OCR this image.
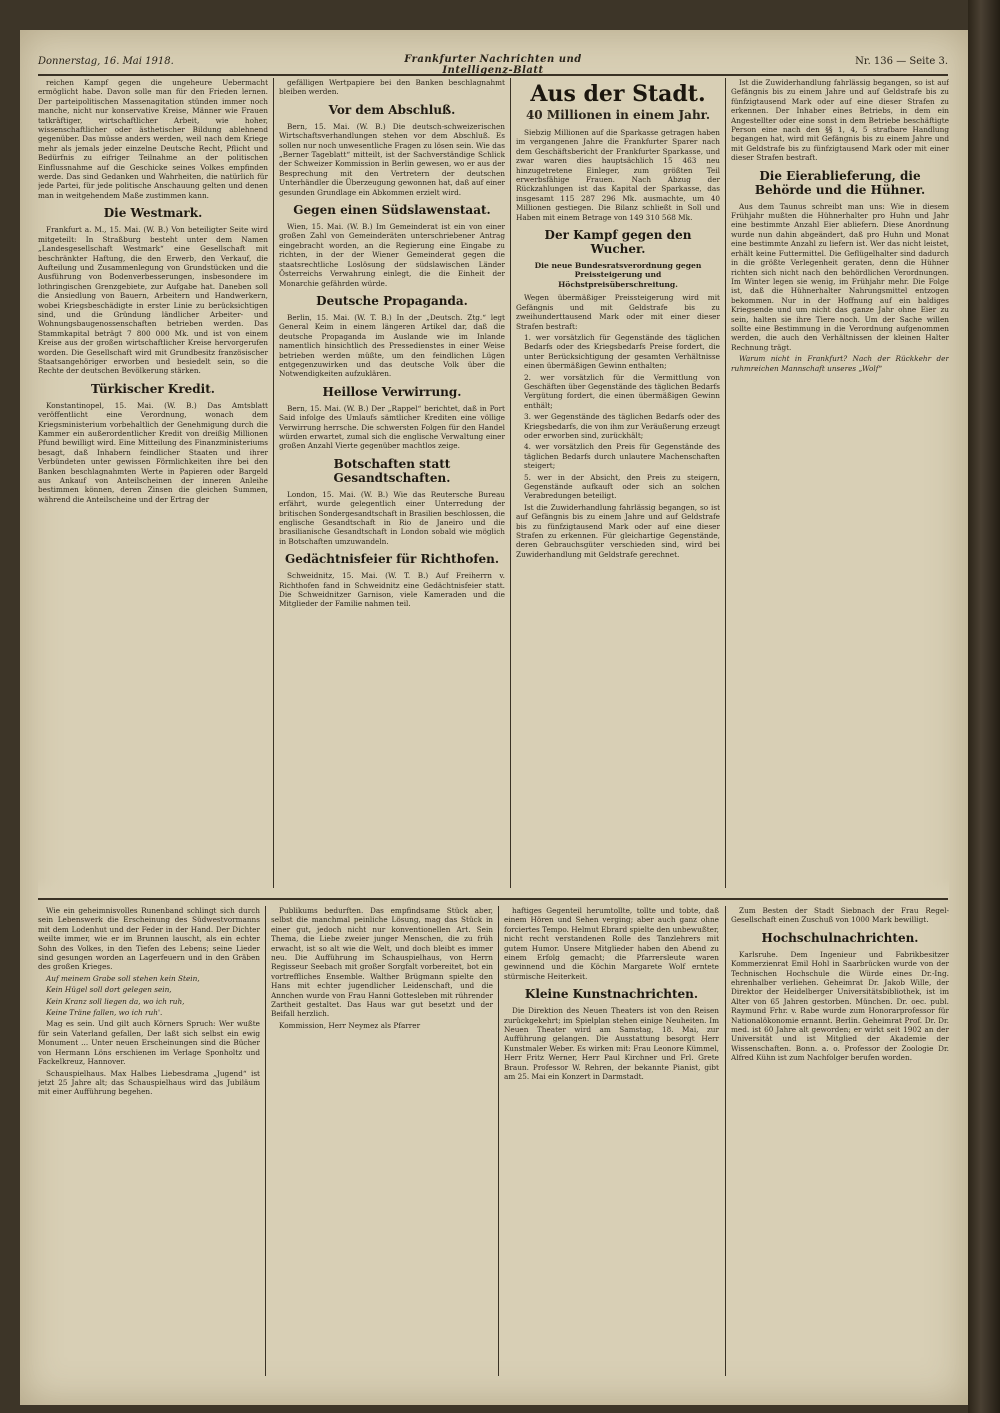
Donnerstag, 16. Mai 1918.	Frankfurter Nachrichten und Intelligenz-Blatt
Nr. 136 — Seite 3.

reichen Kampf gegen die ungeheure Uebermacht ermöglicht habe. Davon solle man für den Frieden lernen. Der parteipolitischen Massenagitation stünden immer noch manche, nicht nur konservative Kreise, Männer wie Frauen tatkräftiger, wirtschaftlicher Arbeit, wie hoher, wissenschaftlicher oder ästhetischer Bildung ablehnend gegenüber. Das müsse anders werden, weil nach dem Kriege mehr als jemals jeder einzelne Deutsche Recht, Pflicht und Bedürfnis zu eifriger Teilnahme an der politischen Einflussnahme auf die Geschicke seines Volkes empfinden werde. Das sind Gedanken und Wahrheiten, die natürlich für jede Partei, für jede politische Anschauung gelten und denen man in weitgehendem Maße zustimmen kann.

Die Westmark.

Frankfurt a. M., 15. Mai. (W. B.) Von beteiligter Seite wird mitgeteilt: In Straßburg besteht unter dem Namen „Landesgesellschaft Westmark“ eine Gesellschaft mit beschränkter Haftung, die den Erwerb, den Verkauf, die Aufteilung und Zusammenlegung von Grundstücken und die Ausführung von Bodenverbesserungen, insbesondere im lothringischen Grenzgebiete, zur Aufgabe hat. Daneben soll die Ansiedlung von Bauern, Arbeitern und Handwerkern, wobei Kriegsbeschädigte in erster Linie zu berücksichtigen sind, und die Gründung ländlicher Arbeiter- und Wohnungsbaugenossenschaften betrieben werden. Das Stammkapital beträgt 7 800 000 Mk. und ist von einem Kreise aus der großen wirtschaftlicher Kreise hervorgerufen worden. Die Gesellschaft wird mit Grundbesitz französischer Staatsangehöriger erworben und besiedelt sein, so die Rechte der deutschen Bevölkerung stärken.

Türkischer Kredit.

Konstantinopel, 15. Mai. (W. B.) Das Amtsblatt veröffentlicht eine Verordnung, wonach dem Kriegsministerium vorbehaltlich der Genehmigung durch die Kammer ein außerordentlicher Kredit von dreißig Millionen Pfund bewilligt wird. Eine Mitteilung des Finanzministeriums besagt, daß Inhabern feindlicher Staaten und ihrer Verbündeten unter gewissen Förmlichkeiten ihre bei den Banken beschlagnahmten Werte in Papieren oder Bargeld aus Ankauf von Anteilscheinen der inneren Anleihe bestimmen können, deren Zinsen die gleichen Summen, während die Anteilscheine und der Ertrag der

gefälligen Wertpapiere bei den Banken beschlagnahmt bleiben werden.

Vor dem Abschluß.

Bern, 15. Mai. (W. B.) Die deutsch-schweizerischen Wirtschaftsverhandlungen stehen vor dem Abschluß. Es sollen nur noch unwesentliche Fragen zu lösen sein. Wie das „Berner Tageblatt“ mitteilt, ist der Sachverständige Schlick der Schweizer Kommission in Berlin gewesen, wo er aus der Besprechung mit den Vertretern der deutschen Unterhändler die Überzeugung gewonnen hat, daß auf einer gesunden Grundlage ein Abkommen erzielt wird.

Gegen einen Südslawenstaat.

Wien, 15. Mai. (W. B.) Im Gemeinderat ist ein von einer großen Zahl von Gemeinderäten unterschriebener Antrag eingebracht worden, an die Regierung eine Eingabe zu richten, in der der Wiener Gemeinderat gegen die staatsrechtliche Loslösung der südslawischen Länder Österreichs Verwahrung einlegt, die die Einheit der Monarchie gefährden würde.

Deutsche Propaganda.

Berlin, 15. Mai. (W. T. B.) In der „Deutsch. Ztg.“ legt General Keim in einem längeren Artikel dar, daß die deutsche Propaganda im Auslande wie im Inlande namentlich hinsichtlich des Pressedienstes in einer Weise betrieben werden müßte, um den feindlichen Lügen entgegenzuwirken und das deutsche Volk über die Notwendigkeiten aufzuklären.

Heillose Verwirrung.

Bern, 15. Mai. (W. B.) Der „Rappel“ berichtet, daß in Port Said infolge des Umlaufs sämtlicher Krediten eine völlige Verwirrung herrsche. Die schwersten Folgen für den Handel würden erwartet, zumal sich die englische Verwaltung einer großen Anzahl Vierte gegenüber machtlos zeige.

Botschaften statt Gesandtschaften.

London, 15. Mai. (W. B.) Wie das Reutersche Bureau erfährt, wurde gelegentlich einer Unterredung der britischen Sondergesandtschaft in Brasilien beschlossen, die englische Gesandtschaft in Rio de Janeiro und die brasilianische Gesandtschaft in London sobald wie möglich in Botschaften umzuwandeln.

Gedächtnisfeier für Richthofen.

Schweidnitz, 15. Mai. (W. T. B.) Auf Freiherrn v. Richthofen fand in Schweidnitz eine Gedächtnisfeier statt. Die Schweidnitzer Garnison, viele Kameraden und die Mitglieder der Familie nahmen teil.

Aus der Stadt.
40 Millionen in einem Jahr.

Siebzig Millionen auf die Sparkasse getragen haben im vergangenen Jahre die Frankfurter Sparer nach dem Geschäftsbericht der Frankfurter Sparkasse, und zwar waren dies hauptsächlich 15 463 neu hinzugetretene Einleger, zum größten Teil erwerbsfähige Frauen. Nach Abzug der Rückzahlungen ist das Kapital der Sparkasse, das insgesamt 115 287 296 Mk. ausmachte, um 40 Millionen gestiegen. Die Bilanz schließt in Soll und Haben mit einem Betrage von 149 310 568 Mk.

Der Kampf gegen den Wucher.

Die neue Bundesratsverordnung gegen Preissteigerung und Höchstpreisüberschreitung.

Wegen übermäßiger Preissteigerung wird mit Gefängnis und mit Geldstrafe bis zu zweihunderttausend Mark oder mit einer dieser Strafen bestraft:

1. wer vorsätzlich für Gegenstände des täglichen Bedarfs oder des Kriegsbedarfs Preise fordert, die unter Berücksichtigung der gesamten Verhältnisse einen übermäßigen Gewinn enthalten;

2. wer vorsätzlich für die Vermittlung von Geschäften über Gegenstände des täglichen Bedarfs Vergütung fordert, die einen übermäßigen Gewinn enthält;

3. wer Gegenstände des täglichen Bedarfs oder des Kriegsbedarfs, die von ihm zur Veräußerung erzeugt oder erworben sind, zurückhält;

4. wer vorsätzlich den Preis für Gegenstände des täglichen Bedarfs durch unlautere Machenschaften steigert;

5. wer in der Absicht, den Preis zu steigern, Gegenstände aufkauft oder sich an solchen Verabredungen beteiligt.

Ist die Zuwiderhandlung fahrlässig begangen, so ist auf Gefängnis bis zu einem Jahre und auf Geldstrafe bis zu fünfzigtausend Mark oder auf eine dieser Strafen zu erkennen. Für gleichartige Gegenstände, deren Gebrauchsgüter verschieden sind, wird bei Zuwiderhandlung mit Geldstrafe gerechnet.

Ist die Zuwiderhandlung fahrlässig begangen, so ist auf Gefängnis bis zu einem Jahre und auf Geldstrafe bis zu fünfzigtausend Mark oder auf eine dieser Strafen zu erkennen. Der Inhaber eines Betriebs, in dem ein Angestellter oder eine sonst in dem Betriebe beschäftigte Person eine nach den §§ 1, 4, 5 strafbare Handlung begangen hat, wird mit Gefängnis bis zu einem Jahre und mit Geldstrafe bis zu fünfzigtausend Mark oder mit einer dieser Strafen bestraft.

Die Eierablieferung, die Behörde und die Hühner.

Aus dem Taunus schreibt man uns: Wie in diesem Frühjahr mußten die Hühnerhalter pro Huhn und Jahr eine bestimmte Anzahl Eier abliefern. Diese Anordnung wurde nun dahin abgeändert, daß pro Huhn und Monat eine bestimmte Anzahl zu liefern ist. Wer das nicht leistet, erhält keine Futtermittel. Die Geflügelhalter sind dadurch in die größte Verlegenheit geraten, denn die Hühner richten sich nicht nach den behördlichen Verordnungen. Im Winter legen sie wenig, im Frühjahr mehr. Die Folge ist, daß die Hühnerhalter Nahrungsmittel entzogen bekommen. Nur in der Hoffnung auf ein baldiges Kriegsende und um nicht das ganze Jahr ohne Eier zu sein, halten sie ihre Tiere noch. Um der Sache willen sollte eine Bestimmung in die Verordnung aufgenommen werden, die auch den Verhältnissen der kleinen Halter Rechnung trägt.

Warum nicht in Frankfurt? Nach der Rückkehr der ruhmreichen Mannschaft unseres „Wolf“

Wie ein geheimnisvolles Runenband schlingt sich durch sein Lebenswerk die Erscheinung des Südwestvormanns mit dem Lodenhut und der Feder in der Hand. Der Dichter weilte immer, wie er im Brunnen lauscht, als ein echter Sohn des Volkes, in den Tiefen des Lebens; seine Lieder sind gesungen worden an Lagerfeuern und in den Gräben des großen Krieges.

Auf meinem Grabe soll stehen kein Stein,

Kein Hügel soll dort gelegen sein,

Kein Kranz soll liegen da, wo ich ruh,

Keine Träne fallen, wo ich ruh'.

Mag es sein. Und gilt auch Körners Spruch: Wer wußte für sein Vaterland gefallen, Der laßt sich selbst ein ewig Monument ... Unter neuen Erscheinungen sind die Bücher von Hermann Löns erschienen im Verlage Sponholtz und Fackelkreuz, Hannover.

Schauspielhaus. Max Halbes Liebesdrama „Jugend“ ist jetzt 25 Jahre alt; das Schauspielhaus wird das Jubiläum mit einer Aufführung begehen.

Publikums bedurften. Das empfindsame Stück aber, selbst die manchmal peinliche Lösung, mag das Stück in einer gut, jedoch nicht nur konventionellen Art. Sein Thema, die Liebe zweier junger Menschen, die zu früh erwacht, ist so alt wie die Welt, und doch bleibt es immer neu. Die Aufführung im Schauspielhaus, von Herrn Regisseur Seebach mit großer Sorgfalt vorbereitet, bot ein vortreffliches Ensemble. Walther Brügmann spielte den Hans mit echter jugendlicher Leidenschaft, und die Annchen wurde von Frau Hanni Gottesleben mit rührender Zartheit gestaltet. Das Haus war gut besetzt und der Beifall herzlich.

Kommission, Herr Neymez als Pfarrer

haftiges Gegenteil herumtollte, tollte und tobte, daß einem Hören und Sehen verging; aber auch ganz ohne forciertes Tempo. Helmut Ebrard spielte den unbewußter, nicht recht verstandenen Rolle des Tanzlehrers mit gutem Humor. Unsere Mitglieder haben den Abend zu einem Erfolg gemacht; die Pfarrersleute waren gewinnend und die Köchin Margarete Wolf erntete stürmische Heiterkeit.

Kleine Kunstnachrichten.

Die Direktion des Neuen Theaters ist von den Reisen zurückgekehrt; im Spielplan stehen einige Neuheiten. Im Neuen Theater wird am Samstag, 18. Mai, zur Aufführung gelangen. Die Ausstattung besorgt Herr Kunstmaler Weber. Es wirken mit: Frau Leonore Kümmel, Herr Fritz Werner, Herr Paul Kirchner und Frl. Grete Braun. Professor W. Rehren, der bekannte Pianist, gibt am 25. Mai ein Konzert in Darmstadt.

Zum Besten der Stadt Siebnach der Frau Regel-Gesellschaft einen Zuschuß von 1000 Mark bewilligt.

Hochschulnachrichten.

Karlsruhe. Dem Ingenieur und Fabrikbesitzer Kommerzienrat Emil Hohl in Saarbrücken wurde von der Technischen Hochschule die Würde eines Dr.-Ing. ehrenhalber verliehen. Geheimrat Dr. Jakob Wille, der Direktor der Heidelberger Universitätsbibliothek, ist im Alter von 65 Jahren gestorben. München. Dr. oec. publ. Raymund Frhr. v. Rabe wurde zum Honorarprofessor für Nationalökonomie ernannt. Berlin. Geheimrat Prof. Dr. Dr. med. ist 60 Jahre alt geworden; er wirkt seit 1902 an der Universität und ist Mitglied der Akademie der Wissenschaften. Bonn. a. o. Professor der Zoologie Dr. Alfred Kühn ist zum Nachfolger berufen worden.
